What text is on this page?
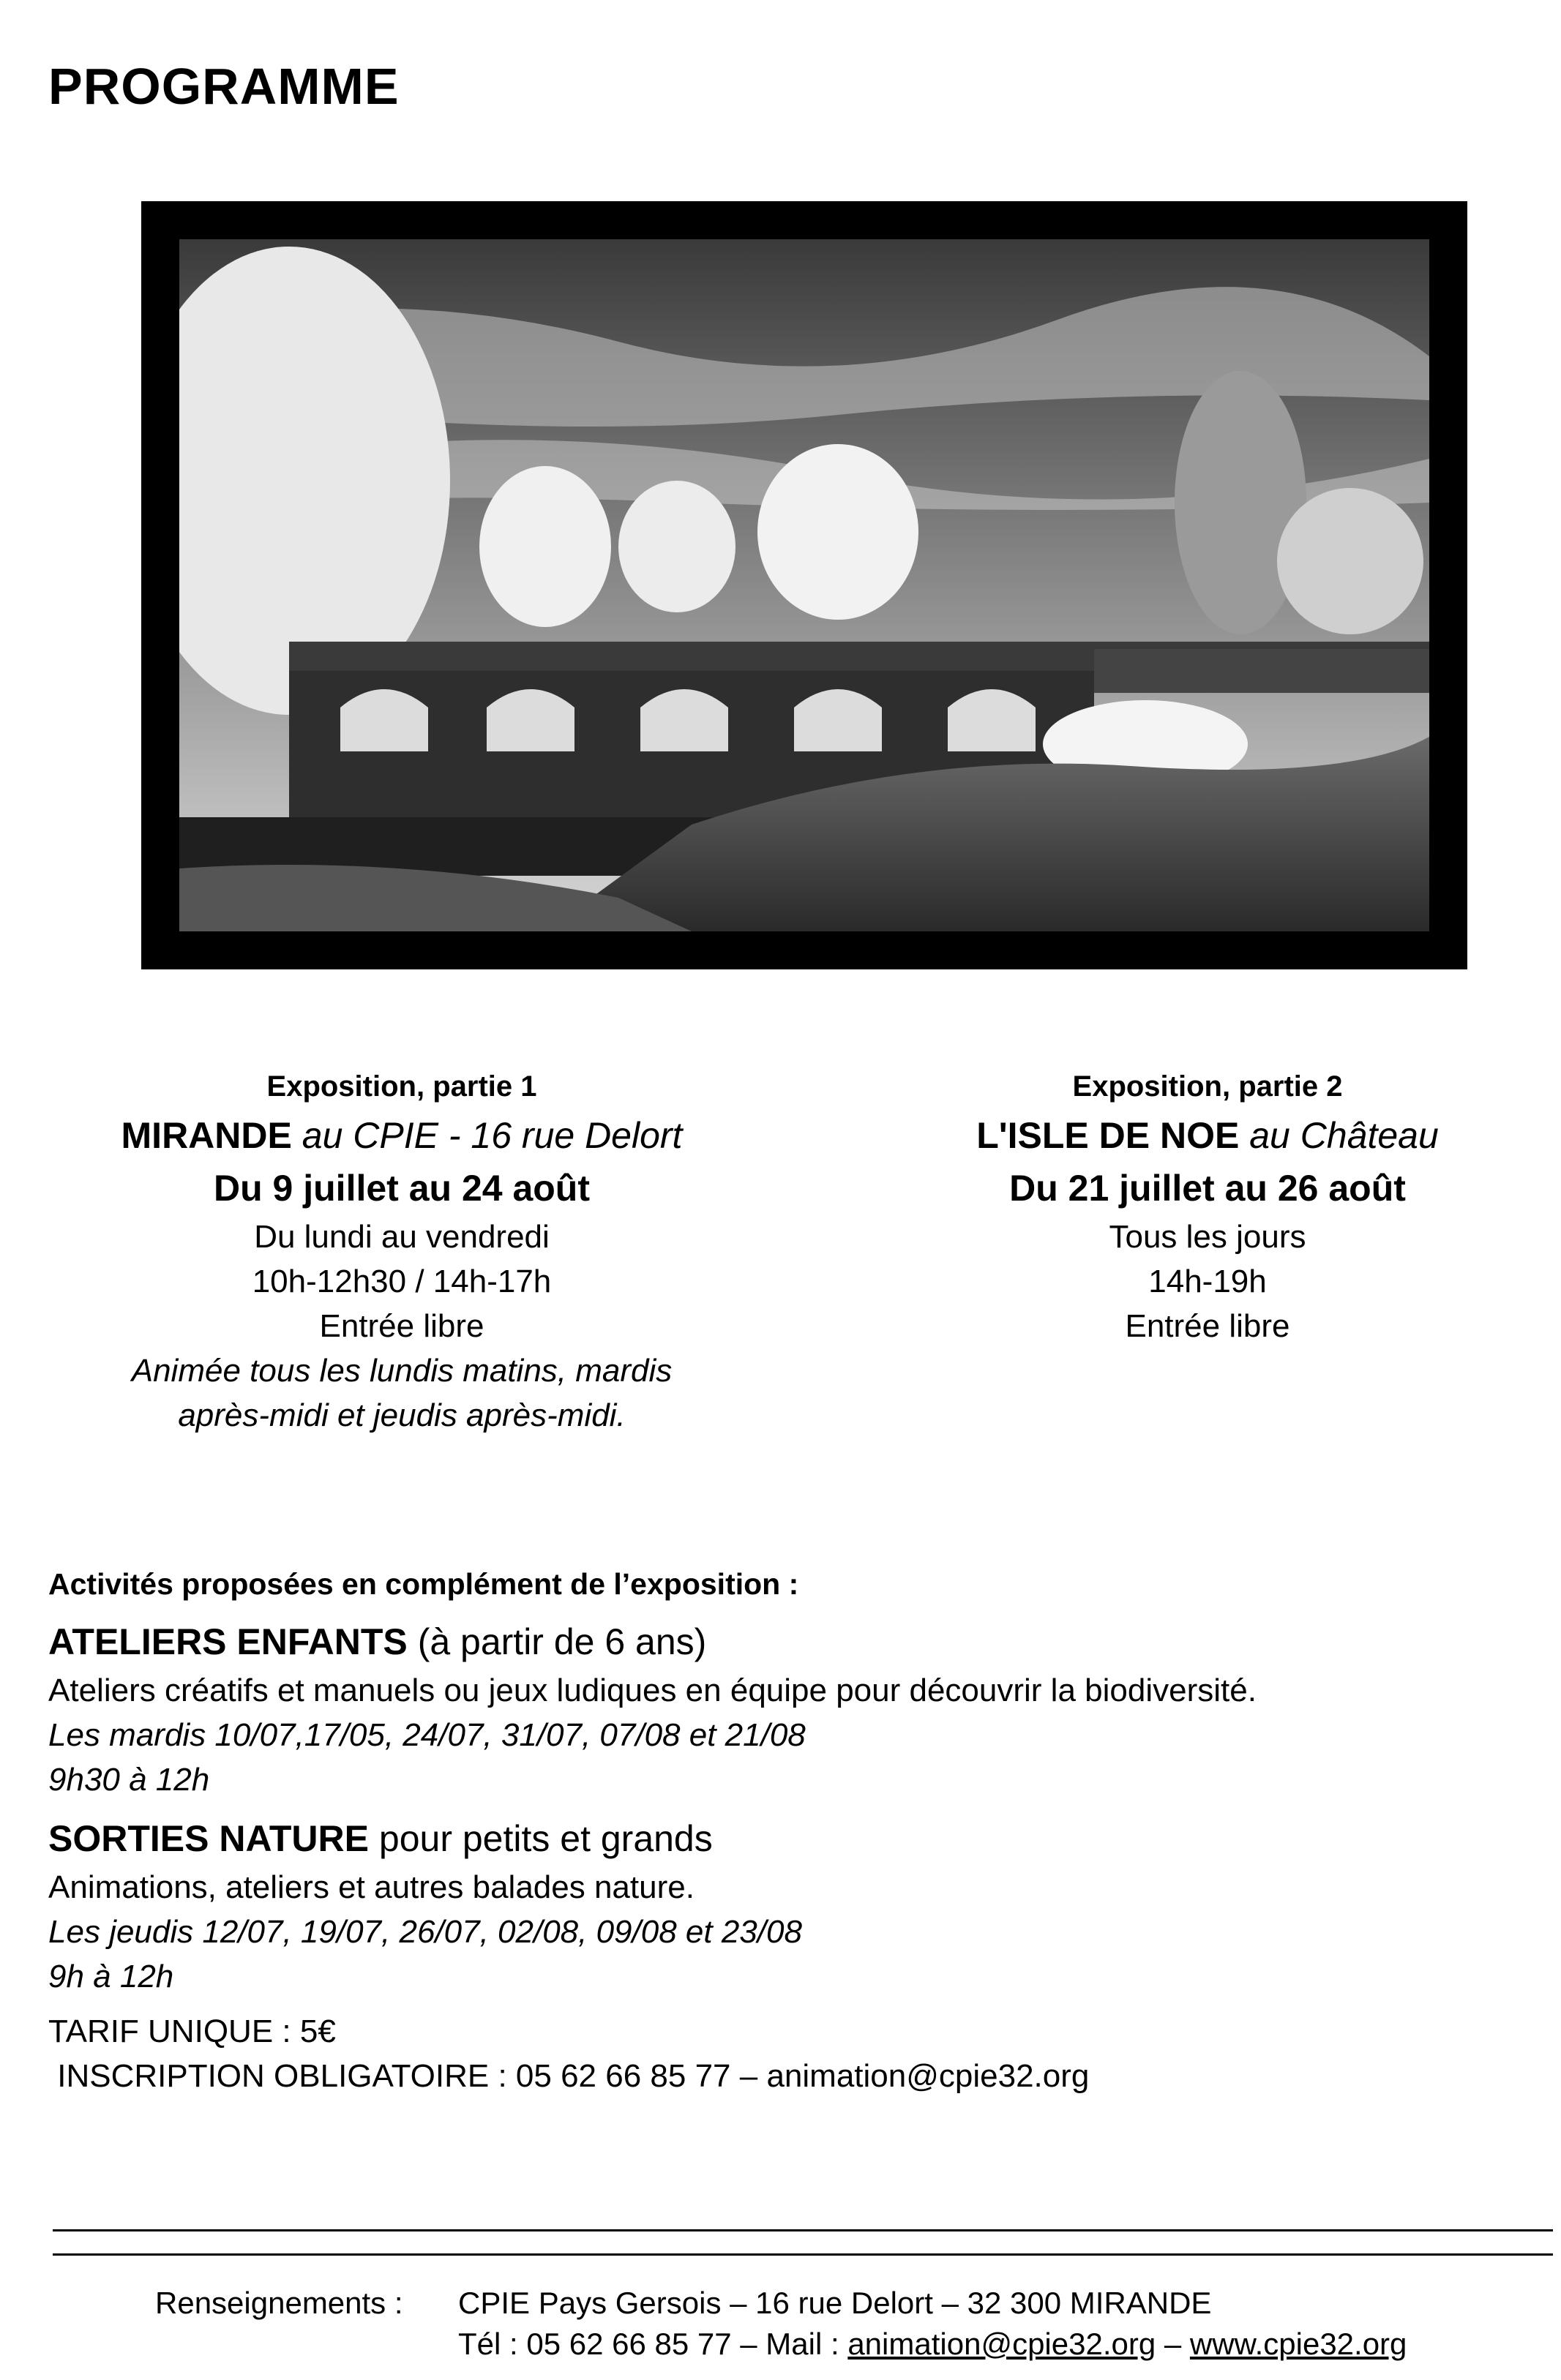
PROGRAMME
Exposition, partie 1
MIRANDE au CPIE - 16 rue Delort
Du 9 juillet au 24 août
Du lundi au vendredi
10h-12h30 / 14h-17h
Entrée libre
Animée tous les lundis matins, mardis
après-midi et jeudis après-midi.
Exposition, partie 2
L'ISLE DE NOE au Château
Du 21 juillet au 26 août
Tous les jours
14h-19h
Entrée libre
Activités proposées en complément de l’exposition :
ATELIERS ENFANTS (à partir de 6 ans)
Ateliers créatifs et manuels ou jeux ludiques en équipe pour découvrir la biodiversité.
Les mardis 10/07,17/05, 24/07, 31/07, 07/08 et 21/08
9h30 à 12h
SORTIES NATURE pour petits et grands
Animations, ateliers et autres balades nature.
Les jeudis 12/07, 19/07, 26/07, 02/08, 09/08 et 23/08
9h à 12h
TARIF UNIQUE : 5€
INSCRIPTION OBLIGATOIRE : 05 62 66 85 77 – animation@cpie32.org
Renseignements : CPIE Pays Gersois – 16 rue Delort – 32 300 MIRANDE
Tél : 05 62 66 85 77 – Mail : animation@cpie32.org – www.cpie32.org
